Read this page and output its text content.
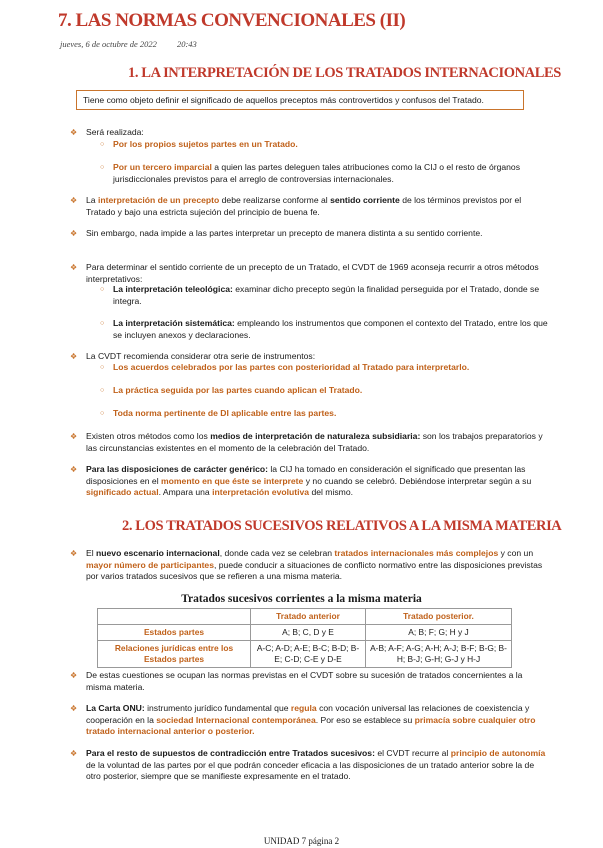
7. LAS NORMAS CONVENCIONALES (II)
jueves, 6 de octubre de 2022 20:43
1. LA INTERPRETACIÓN DE LOS TRATADOS INTERNACIONALES
Tiene como objeto definir el significado de aquellos preceptos más controvertidos y confusos del Tratado.
❖ Será realizada:
○ Por los propios sujetos partes en un Tratado.
○ Por un tercero imparcial a quien las partes deleguen tales atribuciones como la CIJ o el resto de órganos jurisdiccionales previstos para el arreglo de controversias internacionales.
❖ La interpretación de un precepto debe realizarse conforme al sentido corriente de los términos previstos por el Tratado y bajo una estricta sujeción del principio de buena fe.
❖ Sin embargo, nada impide a las partes interpretar un precepto de manera distinta a su sentido corriente.
❖ Para determinar el sentido corriente de un precepto de un Tratado, el CVDT de 1969 aconseja recurrir a otros métodos interpretativos:
○ La interpretación teleológica: examinar dicho precepto según la finalidad perseguida por el Tratado, donde se integra.
○ La interpretación sistemática: empleando los instrumentos que componen el contexto del Tratado, entre los que se incluyen anexos y declaraciones.
❖ La CVDT recomienda considerar otra serie de instrumentos:
○ Los acuerdos celebrados por las partes con posterioridad al Tratado para interpretarlo.
○ La práctica seguida por las partes cuando aplican el Tratado.
○ Toda norma pertinente de DI aplicable entre las partes.
❖ Existen otros métodos como los medios de interpretación de naturaleza subsidiaria: son los trabajos preparatorios y las circunstancias existentes en el momento de la celebración del Tratado.
❖ Para las disposiciones de carácter genérico: la CIJ ha tomado en consideración el significado que presentan las disposiciones en el momento en que éste se interprete y no cuando se celebró. Debiéndose interpretar según a su significado actual. Ampara una interpretación evolutiva del mismo.
2. LOS TRATADOS SUCESIVOS RELATIVOS A LA MISMA MATERIA
❖ El nuevo escenario internacional, donde cada vez se celebran tratados internacionales más complejos y con un mayor número de participantes, puede conducir a situaciones de conflicto normativo entre las disposiciones previstas por varios tratados sucesivos que se refieren a una misma materia.
Tratados sucesivos corrientes a la misma materia
	Tratado anterior	Tratado posterior.
Estados partes	A; B; C, D y E	A; B; F; G; H y J
Relaciones jurídicas entre los Estados partes	A-C; A-D; A-E; B-C; B-D; B-E; C-D; C-E y D-E	A-B; A-F; A-G; A-H; A-J; B-F; B-G; B-H; B-J; G-H; G-J y H-J
❖ De estas cuestiones se ocupan las normas previstas en el CVDT sobre su sucesión de tratados concernientes a la misma materia.
❖ La Carta ONU: instrumento jurídico fundamental que regula con vocación universal las relaciones de coexistencia y cooperación en la sociedad Internacional contemporánea. Por eso se establece su primacía sobre cualquier otro tratado internacional anterior o posterior.
❖ Para el resto de supuestos de contradicción entre Tratados sucesivos: el CVDT recurre al principio de autonomía de la voluntad de las partes por el que podrán conceder eficacia a las disposiciones de un tratado anterior sobre la de otro posterior, siempre que se manifieste expresamente en el tratado.
UNIDAD 7 página 2
